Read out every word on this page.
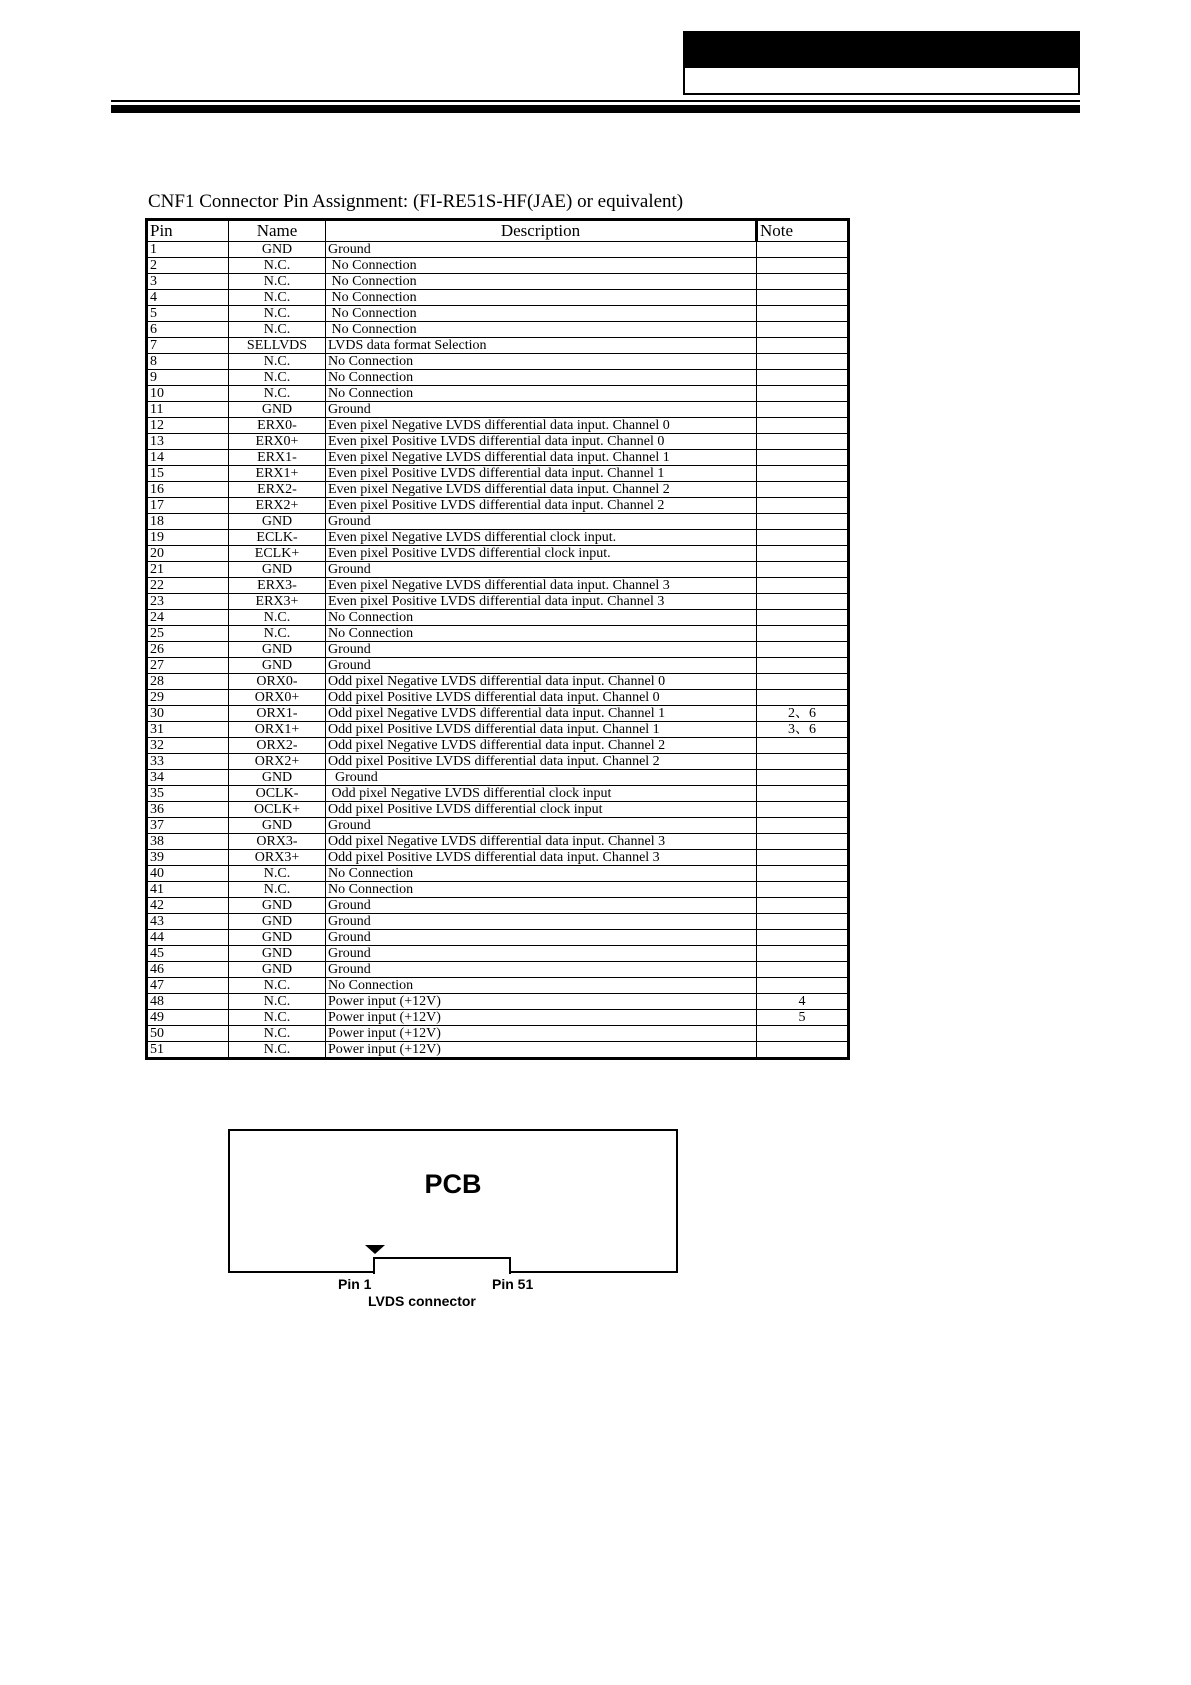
CNF1 Connector Pin Assignment: (FI-RE51S-HF(JAE) or equivalent)
Pin	Name	Description	Note
1	GND	Ground	
2	N.C.	No Connection	
3	N.C.	No Connection	
4	N.C.	No Connection	
5	N.C.	No Connection	
6	N.C.	No Connection	
7	SELLVDS	LVDS data format Selection	
8	N.C.	No Connection	
9	N.C.	No Connection	
10	N.C.	No Connection	
11	GND	Ground	
12	ERX0-	Even pixel Negative LVDS differential data input. Channel 0	
13	ERX0+	Even pixel Positive LVDS differential data input. Channel 0	
14	ERX1-	Even pixel Negative LVDS differential data input. Channel 1	
15	ERX1+	Even pixel Positive LVDS differential data input. Channel 1	
16	ERX2-	Even pixel Negative LVDS differential data input. Channel 2	
17	ERX2+	Even pixel Positive LVDS differential data input. Channel 2	
18	GND	Ground	
19	ECLK-	Even pixel Negative LVDS differential clock input.	
20	ECLK+	Even pixel Positive LVDS differential clock input.	
21	GND	Ground	
22	ERX3-	Even pixel Negative LVDS differential data input. Channel 3	
23	ERX3+	Even pixel Positive LVDS differential data input. Channel 3	
24	N.C.	No Connection	
25	N.C.	No Connection	
26	GND	Ground	
27	GND	Ground	
28	ORX0-	Odd pixel Negative LVDS differential data input. Channel 0	
29	ORX0+	Odd pixel Positive LVDS differential data input. Channel 0	
30	ORX1-	Odd pixel Negative LVDS differential data input. Channel 1	2、6
31	ORX1+	Odd pixel Positive LVDS differential data input. Channel 1	3、6
32	ORX2-	Odd pixel Negative LVDS differential data input. Channel 2	
33	ORX2+	Odd pixel Positive LVDS differential data input. Channel 2	
34	GND	Ground	
35	OCLK-	Odd pixel Negative LVDS differential clock input	
36	OCLK+	Odd pixel Positive LVDS differential clock input	
37	GND	Ground	
38	ORX3-	Odd pixel Negative LVDS differential data input. Channel 3	
39	ORX3+	Odd pixel Positive LVDS differential data input. Channel 3	
40	N.C.	No Connection	
41	N.C.	No Connection	
42	GND	Ground	
43	GND	Ground	
44	GND	Ground	
45	GND	Ground	
46	GND	Ground	
47	N.C.	No Connection	
48	N.C.	Power input (+12V)	4
49	N.C.	Power input (+12V)	5
50	N.C.	Power input (+12V)	
51	N.C.	Power input (+12V)	
PCB
Pin 1	Pin 51
LVDS connector
